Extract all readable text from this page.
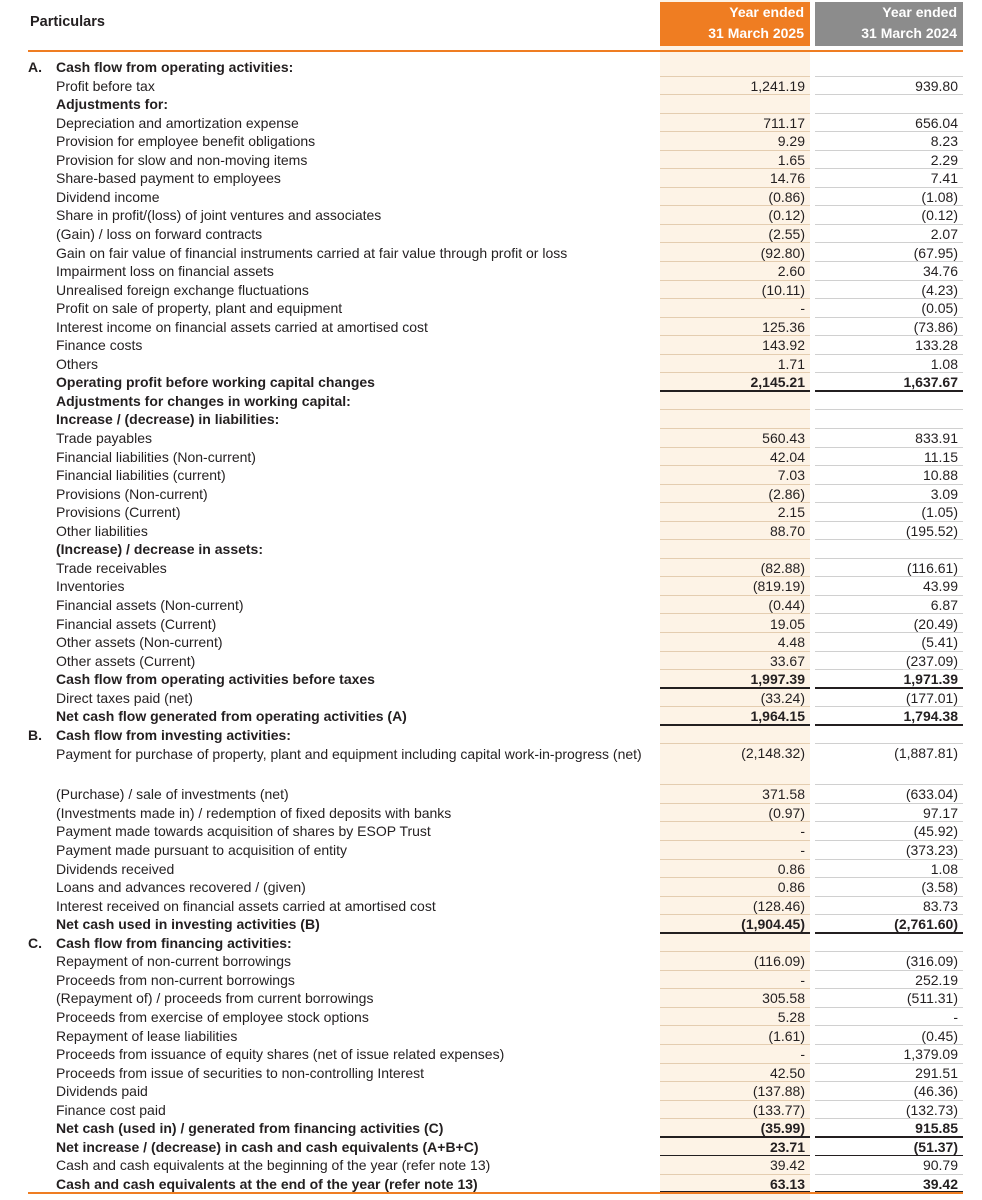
Particulars
Year ended
31 March 2025
Year ended
31 March 2024
A. Cash flow from operating activities:
Profit before tax	1,241.19	939.80
Adjustments for:
Depreciation and amortization expense	711.17	656.04
Provision for employee benefit obligations	9.29	8.23
Provision for slow and non-moving items	1.65	2.29
Share-based payment to employees	14.76	7.41
Dividend income	(0.86)	(1.08)
Share in profit/(loss) of joint ventures and associates	(0.12)	(0.12)
(Gain) / loss on forward contracts	(2.55)	2.07
Gain on fair value of financial instruments carried at fair value through profit or loss	(92.80)	(67.95)
Impairment loss on financial assets	2.60	34.76
Unrealised foreign exchange fluctuations	(10.11)	(4.23)
Profit on sale of property, plant and equipment	-	(0.05)
Interest income on financial assets carried at amortised cost	125.36	(73.86)
Finance costs	143.92	133.28
Others	1.71	1.08
Operating profit before working capital changes	2,145.21	1,637.67
Adjustments for changes in working capital:
Increase / (decrease) in liabilities:
Trade payables	560.43	833.91
Financial liabilities (Non-current)	42.04	11.15
Financial liabilities (current)	7.03	10.88
Provisions (Non-current)	(2.86)	3.09
Provisions (Current)	2.15	(1.05)
Other liabilities	88.70	(195.52)
(Increase) / decrease in assets:
Trade receivables	(82.88)	(116.61)
Inventories	(819.19)	43.99
Financial assets (Non-current)	(0.44)	6.87
Financial assets (Current)	19.05	(20.49)
Other assets (Non-current)	4.48	(5.41)
Other assets (Current)	33.67	(237.09)
Cash flow from operating activities before taxes	1,997.39	1,971.39
Direct taxes paid (net)	(33.24)	(177.01)
Net cash flow generated from operating activities (A)	1,964.15	1,794.38
B. Cash flow from investing activities:
Payment for purchase of property, plant and equipment including capital work-in-progress (net)	(2,148.32)	(1,887.81)
(Purchase) / sale of investments (net)	371.58	(633.04)
(Investments made in) / redemption of fixed deposits with banks	(0.97)	97.17
Payment made towards acquisition of shares by ESOP Trust	-	(45.92)
Payment made pursuant to acquisition of entity	-	(373.23)
Dividends received	0.86	1.08
Loans and advances recovered / (given)	0.86	(3.58)
Interest received on financial assets carried at amortised cost	(128.46)	83.73
Net cash used in investing activities (B)	(1,904.45)	(2,761.60)
C. Cash flow from financing activities:
Repayment of non-current borrowings	(116.09)	(316.09)
Proceeds from non-current borrowings	-	252.19
(Repayment of) / proceeds from current borrowings	305.58	(511.31)
Proceeds from exercise of employee stock options	5.28	-
Repayment of lease liabilities	(1.61)	(0.45)
Proceeds from issuance of equity shares (net of issue related expenses)	-	1,379.09
Proceeds from issue of securities to non-controlling Interest	42.50	291.51
Dividends paid	(137.88)	(46.36)
Finance cost paid	(133.77)	(132.73)
Net cash (used in) / generated from financing activities (C)	(35.99)	915.85
Net increase / (decrease) in cash and cash equivalents (A+B+C)	23.71	(51.37)
Cash and cash equivalents at the beginning of the year (refer note 13)	39.42	90.79
Cash and cash equivalents at the end of the year (refer note 13)	63.13	39.42
